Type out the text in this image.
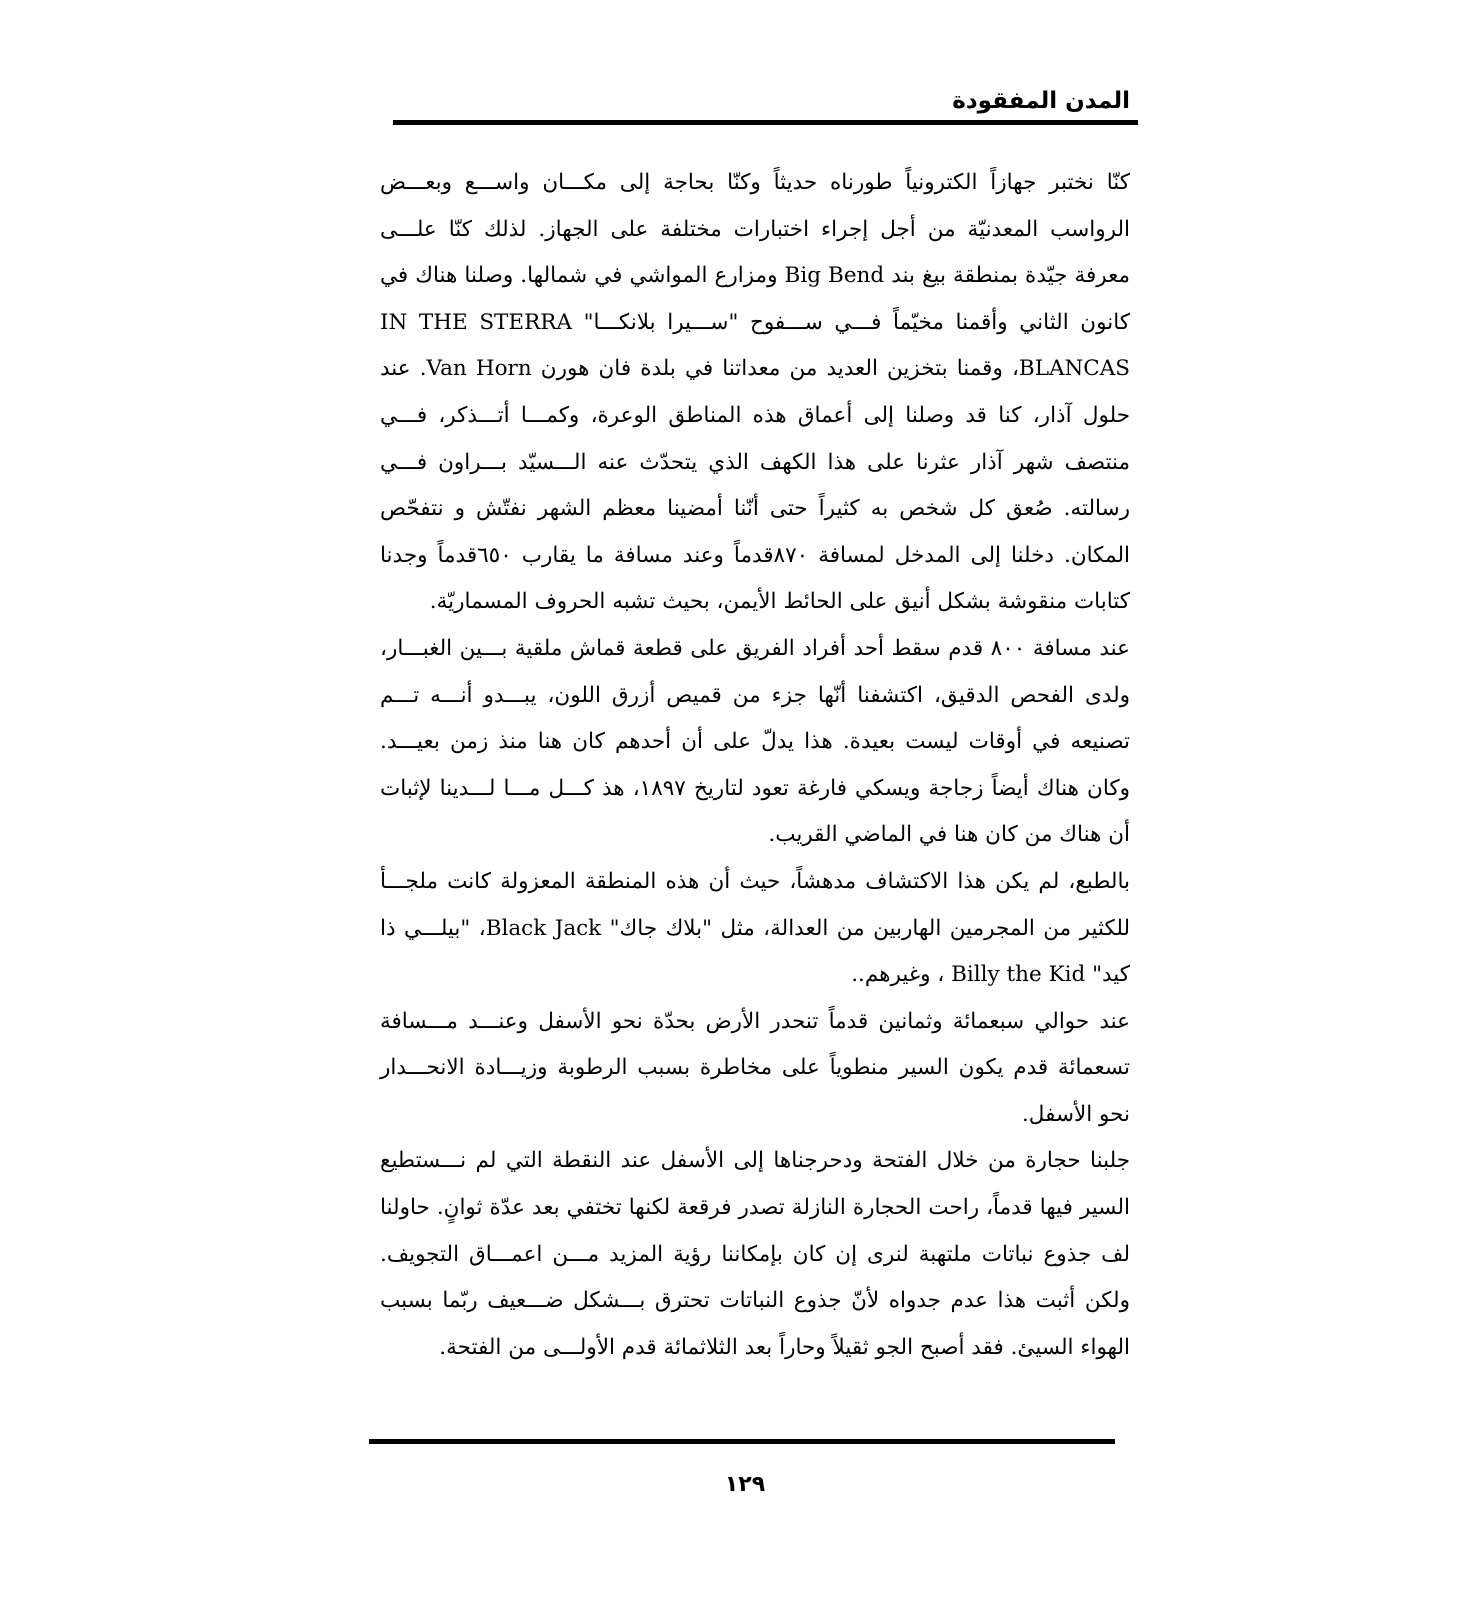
المدن المفقودة

كنّا نختبر جهازاً الكترونياً طورناه حديثاً وكنّا بحاجة إلى مكـــان واســـع وبعـــض الرواسب المعدنيّة من أجل إجراء اختبارات مختلفة على الجهاز. لذلك كنّا علـــى معرفة جيّدة بمنطقة بيغ بند Big Bend ومزارع المواشي في شمالها. وصلنا هناك في كانون الثاني وأقمنا مخيّماً فـــي ســـفوح "ســـيرا بلانكـــا" IN THE STERRA BLANCAS، وقمنا بتخزين العديد من معداتنا في بلدة فان هورن Van Horn. عند حلول آذار، كنا قد وصلنا إلى أعماق هذه المناطق الوعرة، وكمـــا أتـــذكر، فـــي منتصف شهر آذار عثرنا على هذا الكهف الذي يتحدّث عنه الـــسيّد بـــراون فـــي رسالته. صُعق كل شخص به كثيراً حتى أنّنا أمضينا معظم الشهر نفتّش و نتفحّص المكان. دخلنا إلى المدخل لمسافة ٨٧٠قدماً وعند مسافة ما يقارب ٦٥٠قدماً وجدنا كتابات منقوشة بشكل أنيق على الحائط الأيمن، بحيث تشبه الحروف المسماريّة.

عند مسافة ٨٠٠ قدم سقط أحد أفراد الفريق على قطعة قماش ملقية بـــين الغبـــار، ولدى الفحص الدقيق، اكتشفنا أنّها جزء من قميص أزرق اللون، يبـــدو أنـــه تـــم تصنيعه في أوقات ليست بعيدة. هذا يدلّ على أن أحدهم كان هنا منذ زمن بعيـــد. وكان هناك أيضاً زجاجة ويسكي فارغة تعود لتاريخ ١٨٩٧، هذ كـــل مـــا لـــدينا لإثبات أن هناك من كان هنا في الماضي القريب.

بالطبع، لم يكن هذا الاكتشاف مدهشاً، حيث أن هذه المنطقة المعزولة كانت ملجـــأ للكثير من المجرمين الهاربين من العدالة، مثل "بلاك جاك" Black Jack، "بيلـــي ذا كيد" Billy the Kid ، وغيرهم..

عند حوالي سبعمائة وثمانين قدماً تنحدر الأرض بحدّة نحو الأسفل وعنـــد مـــسافة تسعمائة قدم يكون السير منطوياً على مخاطرة بسبب الرطوبة وزيـــادة الانحـــدار نحو الأسفل.

جلبنا حجارة من خلال الفتحة ودحرجناها إلى الأسفل عند النقطة التي لم نـــستطيع السير فيها قدماً، راحت الحجارة النازلة تصدر فرقعة لكنها تختفي بعد عدّة ثوانٍ. حاولنا لف جذوع نباتات ملتهبة لنرى إن كان بإمكاننا رؤية المزيد مـــن اعمـــاق التجويف. ولكن أثبت هذا عدم جدواه لأنّ جذوع النباتات تحترق بـــشكل ضـــعيف ربّما بسبب الهواء السيئ. فقد أصبح الجو ثقيلاً وحاراً بعد الثلاثمائة قدم الأولـــى من الفتحة.

١٢٩
